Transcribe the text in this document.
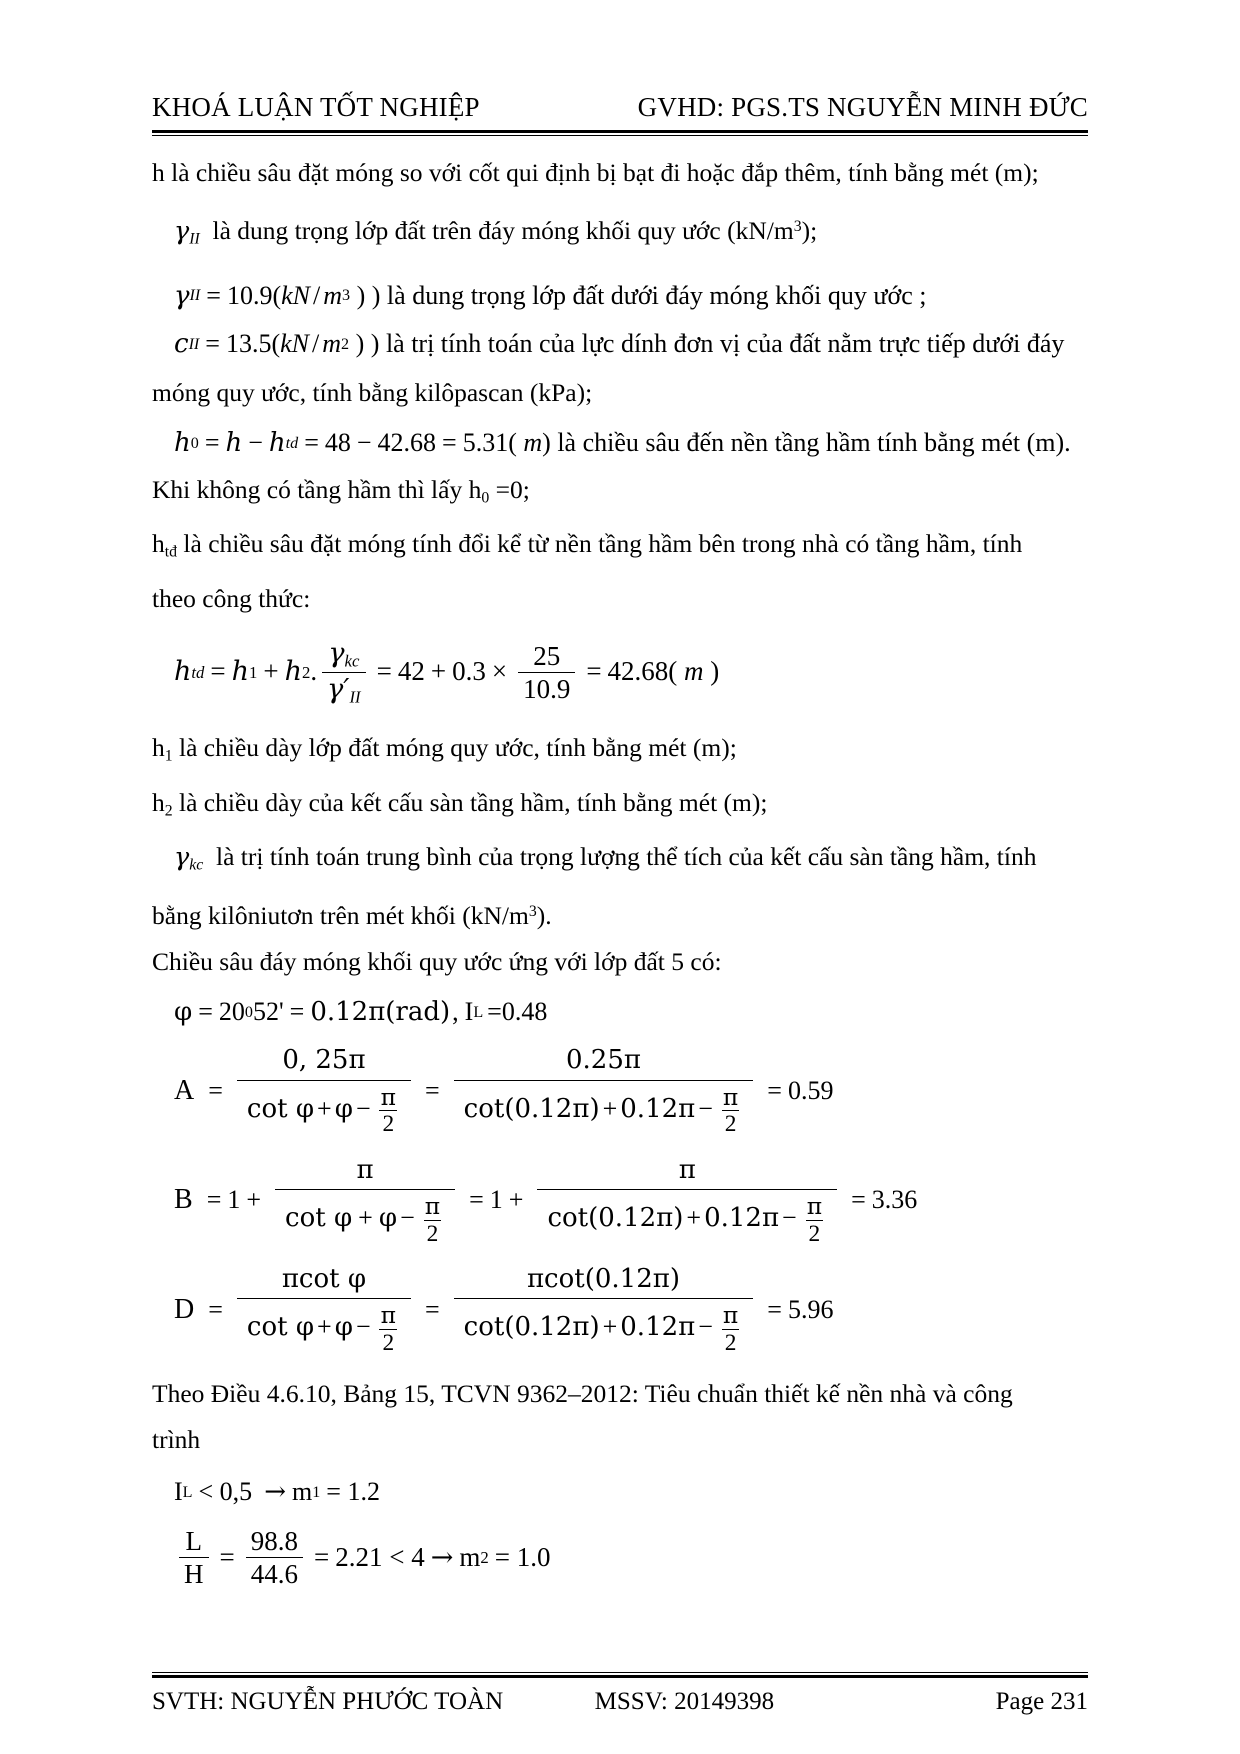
KHOÁ LUẬN TỐT NGHIỆP	GVHD: PGS.TS NGUYỄN MINH ĐỨC
h là chiều sâu đặt móng so với cốt qui định bị bạt đi hoặc đắp thêm, tính bằng mét (m);
$\gamma_{II}$ là dung trọng lớp đất trên đáy móng khối quy ước $(kN/m^3)$;
γ II = 10.9 ( kN / m 3 )
) là dung trọng lớp đất dưới đáy móng khối quy ước ;
c II = 13.5 ( kN / m 2 )
) là trị tính toán của lực dính đơn vị của đất nằm trực tiếp dưới đáy
móng quy ước, tính bằng kilôpascan (kPa);
h 0 = h − h td = 48 − 42.68 = 5.31 ( m ) là chiều sâu đến nền tầng hầm tính bằng mét (m).
Khi không có tầng hầm thì lấy $h_0 =0$;
$h_{tđ}$ là chiều sâu đặt móng tính đổi kể từ nền tầng hầm bên trong nhà có tầng hầm, tính
theo công thức:
h td = h 1 + h 2 . $\frac{\gamma_{kc}}{\gamma'_{II}} = 42 + 0.3 \times \frac{25}{10.9} = 42.68$ ( m )
$h_1$ là chiều dày lớp đất móng quy ước, tính bằng mét (m);
$h_2$ là chiều dày của kết cấu sàn tầng hầm, tính bằng mét (m);
$\gamma_{kc}$ là trị tính toán trung bình của trọng lượng thể tích của kết cấu sàn tầng hầm, tính
bằng kilôniutơn trên mét khối $(kN/m^3)$.
Chiều sâu đáy móng khối quy ước ứng với lớp đất 5 có:
φ = 20 0 52' = 0.12π(rad) , I L =0.48
$A = \frac{0, 25\pi}{\cot \varphi + \varphi - \frac{\pi}{2}} = \frac{0.25\pi}{\cot(0.12\pi) + 0.12\pi - \frac{\pi}{2}} = 0.59$
$B = 1 + \frac{\pi}{\cot \varphi + \varphi - \frac{\pi}{2}} = 1 + \frac{\pi}{\cot(0.12\pi) + 0.12\pi - \frac{\pi}{2}} = 3.36$
$D = \frac{\text{πcot φ}}{\cot \varphi + \varphi - \frac{\pi}{2}} = \frac{\pi\cot(0.12\pi)}{\cot(0.12\pi) + 0.12\pi - \frac{\pi}{2}} = 5.96$
Theo Điều 4.6.10, Bảng 15, TCVN 9362–2012: Tiêu chuẩn thiết kế nền nhà và công
trình
I L < 0,5 → m 1 = 1.2
$\frac{L}{H} = \frac{98.8}{44.6} = 2.21 < 4 \to m$ 2 = 1.0
SVTH: NGUYỄN PHƯỚC TOÀN	MSSV: 20149398	Page 231
